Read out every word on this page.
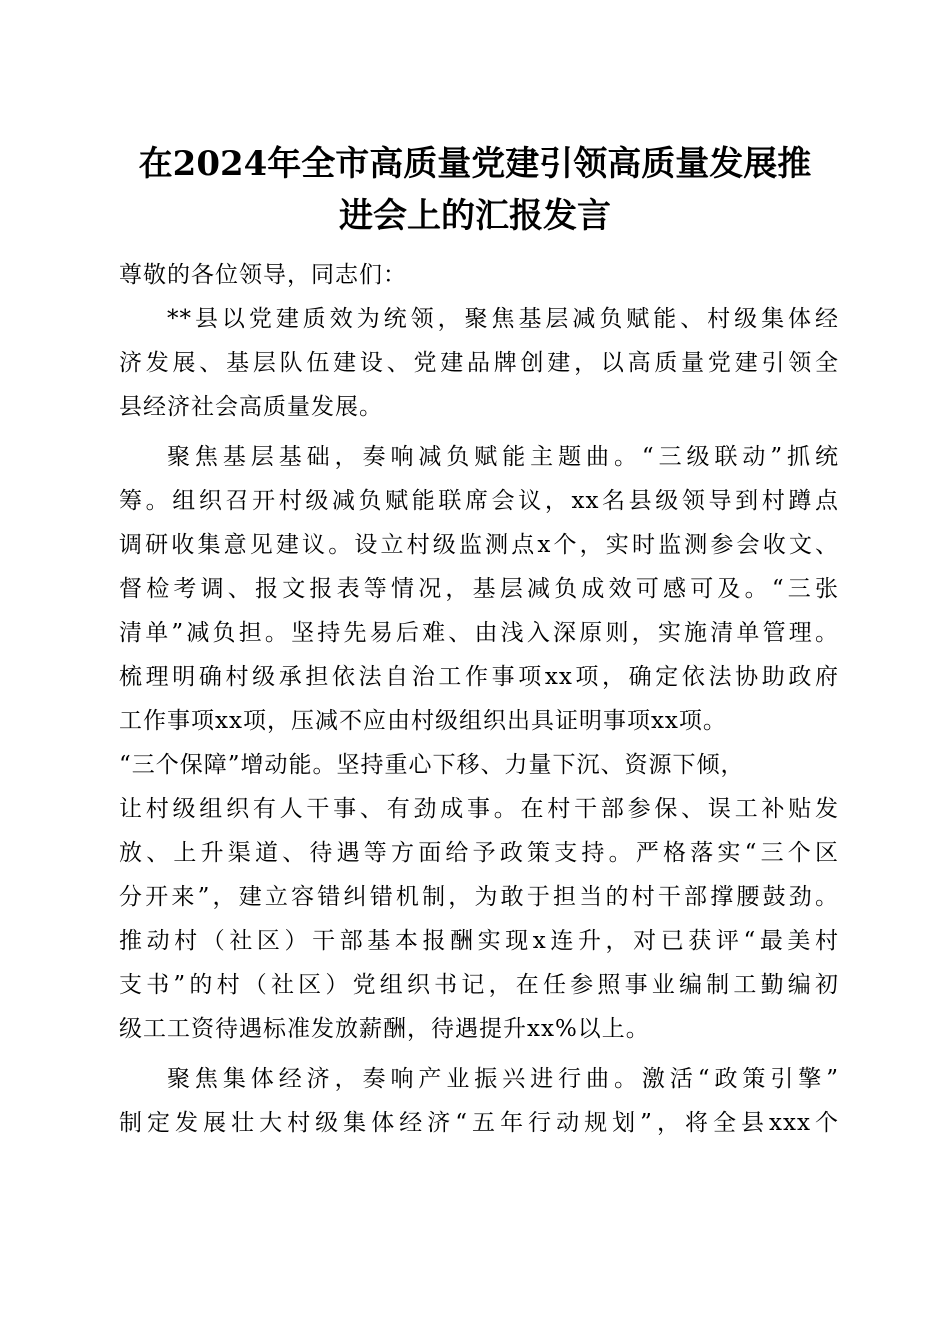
在2024年全市高质量党建引领高质量发展推
进会上的汇报发言
尊敬的各位领导，同志们：
**县以党建质效为统领，聚焦基层减负赋能、村级集体经
济发展、基层队伍建设、党建品牌创建，以高质量党建引领全
县经济社会高质量发展。
聚焦基层基础，奏响减负赋能主题曲。“三级联动”抓统
筹。组织召开村级减负赋能联席会议，xx名县级领导到村蹲点
调研收集意见建议。设立村级监测点x个，实时监测参会收文、
督检考调、报文报表等情况，基层减负成效可感可及。“三张
清单”减负担。坚持先易后难、由浅入深原则，实施清单管理。
梳理明确村级承担依法自治工作事项xx项，确定依法协助政府
工作事项xx项，压减不应由村级组织出具证明事项xx项。
“三个保障”增动能。坚持重心下移、力量下沉、资源下倾，
让村级组织有人干事、有劲成事。在村干部参保、误工补贴发
放、上升渠道、待遇等方面给予政策支持。严格落实“三个区
分开来”，建立容错纠错机制，为敢于担当的村干部撑腰鼓劲。
推动村（社区）干部基本报酬实现x连升，对已获评“最美村
支书”的村（社区）党组织书记，在任参照事业编制工勤编初
级工工资待遇标准发放薪酬，待遇提升xx%以上。
聚焦集体经济，奏响产业振兴进行曲。激活“政策引擎”
制定发展壮大村级集体经济“五年行动规划”，将全县xxx个
